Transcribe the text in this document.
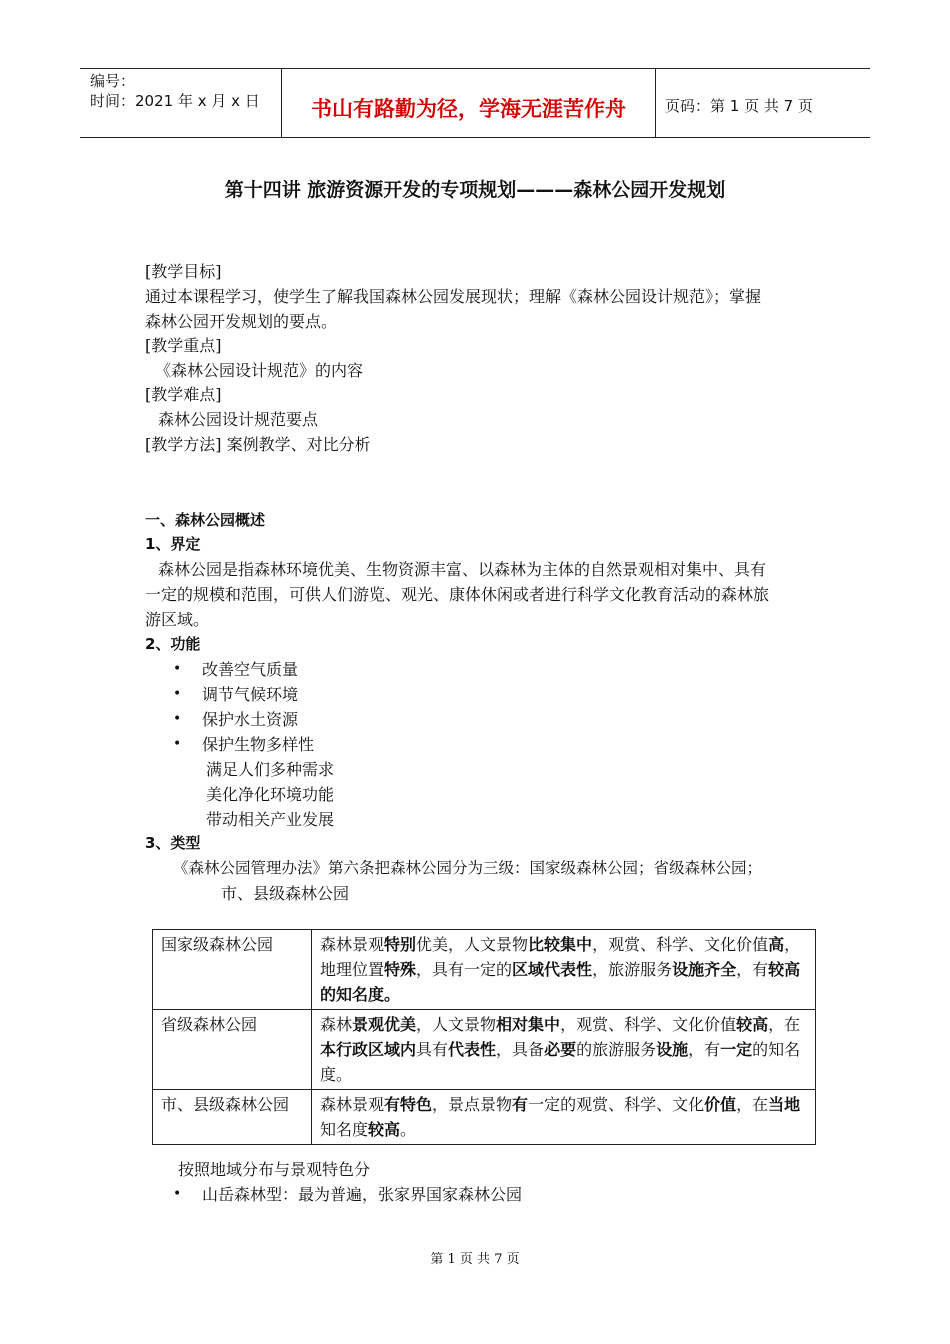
编号：
时间：2021 年 x 月 x 日	书山有路勤为径，学海无涯苦作舟	页码：第 1 页 共 7 页
第十四讲 旅游资源开发的专项规划———森林公园开发规划
[教学目标]
通过本课程学习，使学生了解我国森林公园发展现状；理解《森林公园设计规范》；掌握
森林公园开发规划的要点。
[教学重点]
《森林公园设计规范》的内容
[教学难点]
森林公园设计规范要点
[教学方法] 案例教学、对比分析
一、森林公园概述
1、界定
森林公园是指森林环境优美、生物资源丰富、以森林为主体的自然景观相对集中、具有
一定的规模和范围，可供人们游览、观光、康体休闲或者进行科学文化教育活动的森林旅
游区域。
2、功能
• 改善空气质量
• 调节气候环境
• 保护水土资源
• 保护生物多样性
满足人们多种需求
美化净化环境功能
带动相关产业发展
3、类型
《森林公园管理办法》第六条把森林公园分为三级：国家级森林公园；省级森林公园；
市、县级森林公园
国家级森林公园	森林景观特别优美，人文景物比较集中，观赏、科学、文化价值高，地理位置特殊，具有一定的区域代表性，旅游服务设施齐全，有较高的知名度。
省级森林公园	森林景观优美，人文景物相对集中，观赏、科学、文化价值较高，在本行政区域内具有代表性，具备必要的旅游服务设施，有一定的知名度。
市、县级森林公园	森林景观有特色，景点景物有一定的观赏、科学、文化价值，在当地知名度较高。
按照地域分布与景观特色分
• 山岳森林型：最为普遍，张家界国家森林公园
第 1 页 共 7 页
